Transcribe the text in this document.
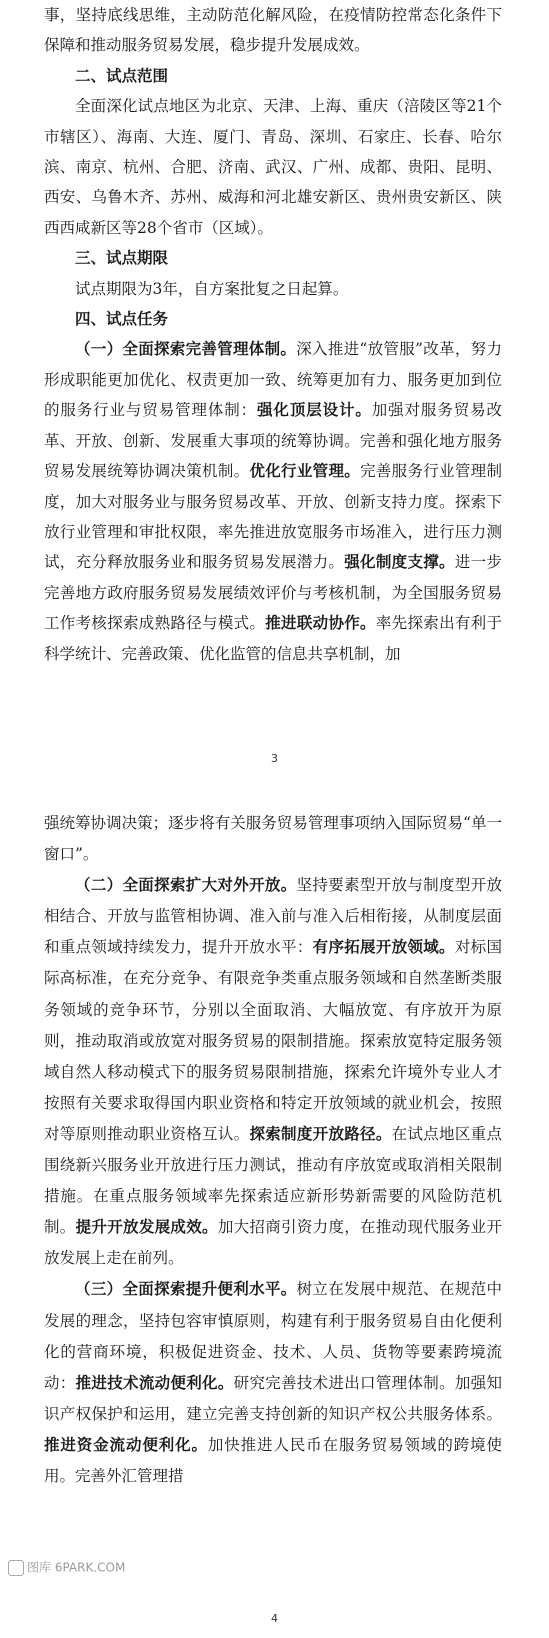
事，坚持底线思维，主动防范化解风险，在疫情防控常态化条件下保障和推动服务贸易发展，稳步提升发展成效。

二、试点范围

全面深化试点地区为北京、天津、上海、重庆（涪陵区等21个市辖区）、海南、大连、厦门、青岛、深圳、石家庄、长春、哈尔滨、南京、杭州、合肥、济南、武汉、广州、成都、贵阳、昆明、西安、乌鲁木齐、苏州、威海和河北雄安新区、贵州贵安新区、陕西西咸新区等28个省市（区域）。

三、试点期限

试点期限为3年，自方案批复之日起算。

四、试点任务

（一）全面探索完善管理体制。深入推进“放管服”改革，努力形成职能更加优化、权责更加一致、统筹更加有力、服务更加到位的服务行业与贸易管理体制：强化顶层设计。加强对服务贸易改革、开放、创新、发展重大事项的统筹协调。完善和强化地方服务贸易发展统筹协调决策机制。优化行业管理。完善服务行业管理制度，加大对服务业与服务贸易改革、开放、创新支持力度。探索下放行业管理和审批权限，率先推进放宽服务市场准入，进行压力测试，充分释放服务业和服务贸易发展潜力。强化制度支撑。进一步完善地方政府服务贸易发展绩效评价与考核机制，为全国服务贸易工作考核探索成熟路径与模式。推进联动协作。率先探索出有利于科学统计、完善政策、优化监管的信息共享机制，加

3

强统筹协调决策；逐步将有关服务贸易管理事项纳入国际贸易“单一窗口”。

（二）全面探索扩大对外开放。坚持要素型开放与制度型开放相结合、开放与监管相协调、准入前与准入后相衔接，从制度层面和重点领域持续发力，提升开放水平：有序拓展开放领域。对标国际高标准，在充分竞争、有限竞争类重点服务领域和自然垄断类服务领域的竞争环节，分别以全面取消、大幅放宽、有序放开为原则，推动取消或放宽对服务贸易的限制措施。探索放宽特定服务领域自然人移动模式下的服务贸易限制措施，探索允许境外专业人才按照有关要求取得国内职业资格和特定开放领域的就业机会，按照对等原则推动职业资格互认。探索制度开放路径。在试点地区重点围绕新兴服务业开放进行压力测试，推动有序放宽或取消相关限制措施。在重点服务领域率先探索适应新形势新需要的风险防范机制。提升开放发展成效。加大招商引资力度，在推动现代服务业开放发展上走在前列。

（三）全面探索提升便利水平。树立在发展中规范、在规范中发展的理念，坚持包容审慎原则，构建有利于服务贸易自由化便利化的营商环境，积极促进资金、技术、人员、货物等要素跨境流动：推进技术流动便利化。研究完善技术进出口管理体制。加强知识产权保护和运用，建立完善支持创新的知识产权公共服务体系。推进资金流动便利化。加快推进人民币在服务贸易领域的跨境使用。完善外汇管理措

4
图库 6PARK.COM
